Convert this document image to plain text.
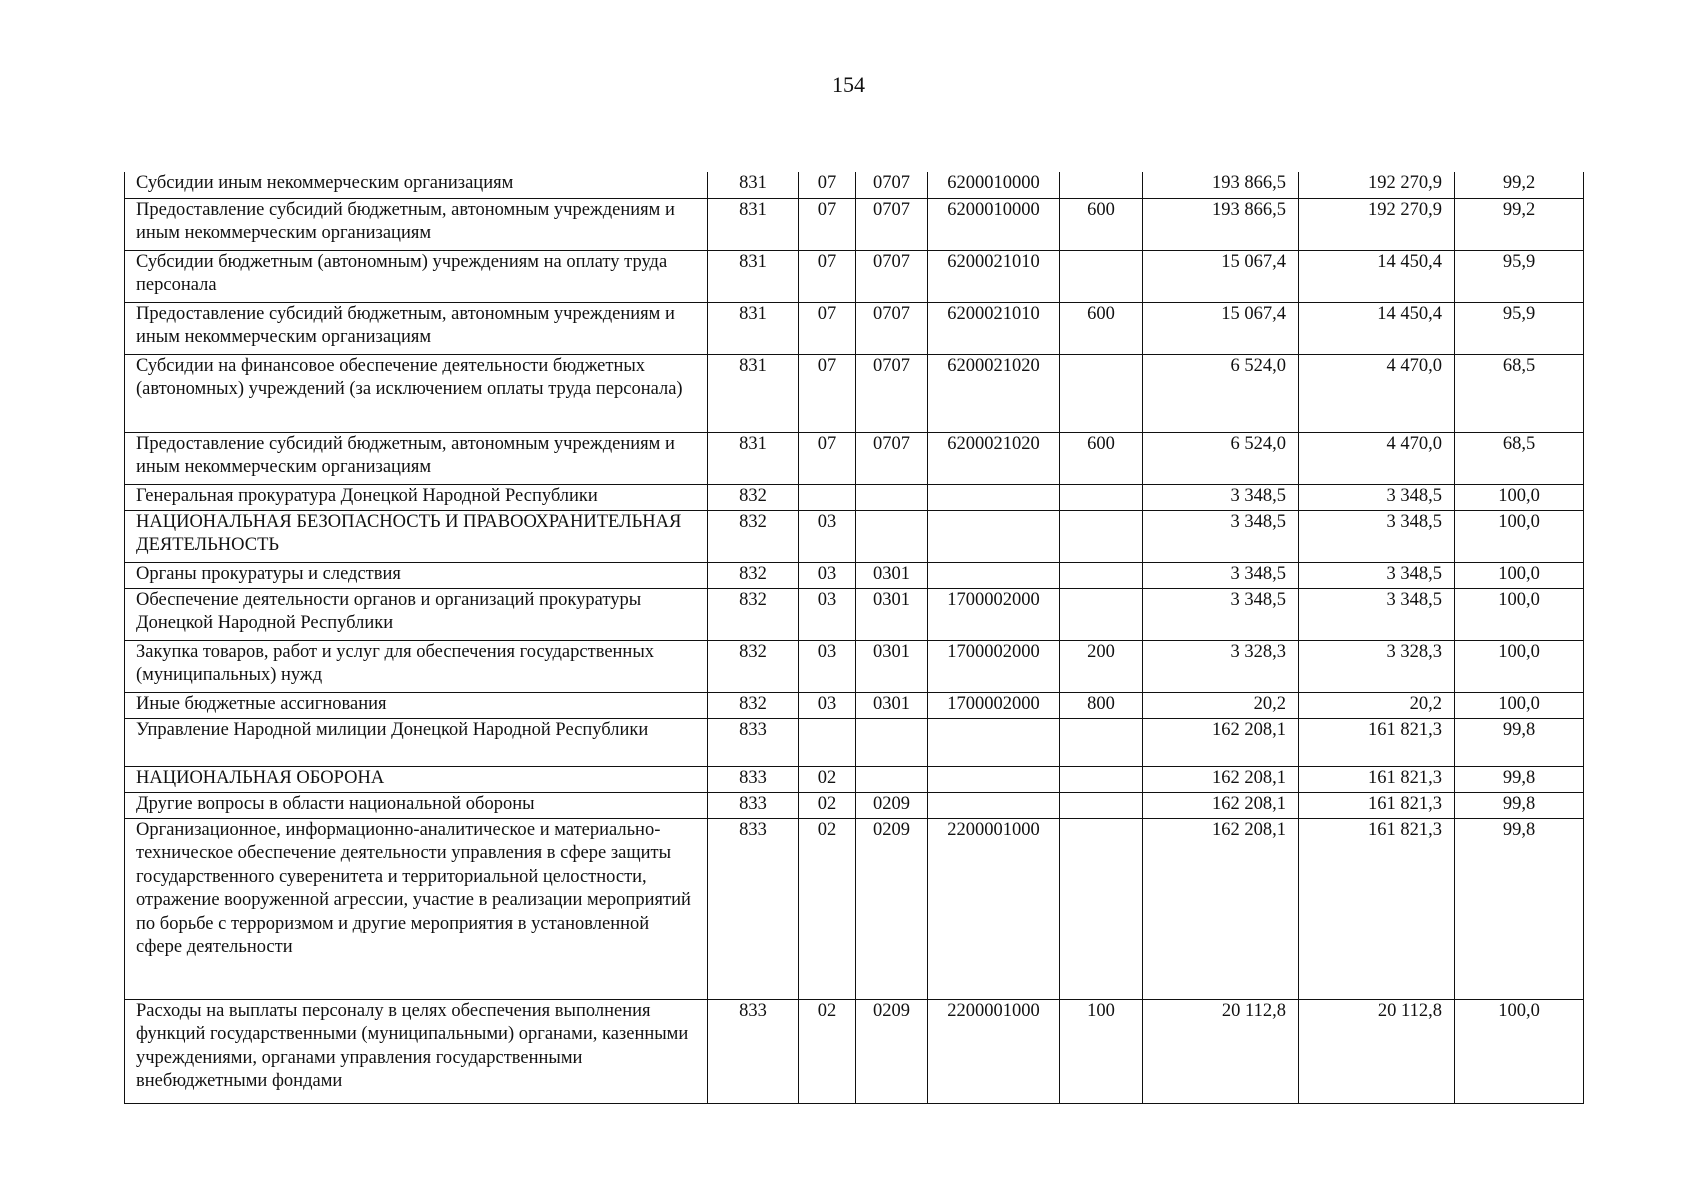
154
Субсидии иным некоммерческим организациям	831	07	0707	6200010000		193 866,5	192 270,9	99,2
Предоставление субсидий бюджетным, автономным учреждениям и иным некоммерческим организациям	831	07	0707	6200010000	600	193 866,5	192 270,9	99,2
Субсидии бюджетным (автономным) учреждениям на оплату труда персонала	831	07	0707	6200021010		15 067,4	14 450,4	95,9
Предоставление субсидий бюджетным, автономным учреждениям и иным некоммерческим организациям	831	07	0707	6200021010	600	15 067,4	14 450,4	95,9
Субсидии на финансовое обеспечение деятельности бюджетных (автономных) учреждений (за исключением оплаты труда персонала)	831	07	0707	6200021020		6 524,0	4 470,0	68,5
Предоставление субсидий бюджетным, автономным учреждениям и иным некоммерческим организациям	831	07	0707	6200021020	600	6 524,0	4 470,0	68,5
Генеральная прокуратура Донецкой Народной Республики	832					3 348,5	3 348,5	100,0
НАЦИОНАЛЬНАЯ БЕЗОПАСНОСТЬ И ПРАВООХРАНИТЕЛЬНАЯ ДЕЯТЕЛЬНОСТЬ	832	03				3 348,5	3 348,5	100,0
Органы прокуратуры и следствия	832	03	0301			3 348,5	3 348,5	100,0
Обеспечение деятельности органов и организаций прокуратуры Донецкой Народной Республики	832	03	0301	1700002000		3 348,5	3 348,5	100,0
Закупка товаров, работ и услуг для обеспечения государственных (муниципальных) нужд	832	03	0301	1700002000	200	3 328,3	3 328,3	100,0
Иные бюджетные ассигнования	832	03	0301	1700002000	800	20,2	20,2	100,0
Управление Народной милиции Донецкой Народной Республики	833					162 208,1	161 821,3	99,8
НАЦИОНАЛЬНАЯ ОБОРОНА	833	02				162 208,1	161 821,3	99,8
Другие вопросы в области национальной обороны	833	02	0209			162 208,1	161 821,3	99,8
Организационное, информационно-аналитическое и материально-техническое обеспечение деятельности управления в сфере защиты государственного суверенитета и территориальной целостности, отражение вооруженной агрессии, участие в реализации мероприятий по борьбе с терроризмом и другие мероприятия в установленной сфере деятельности	833	02	0209	2200001000		162 208,1	161 821,3	99,8
Расходы на выплаты персоналу в целях обеспечения выполнения функций государственными (муниципальными) органами, казенными учреждениями, органами управления государственными внебюджетными фондами	833	02	0209	2200001000	100	20 112,8	20 112,8	100,0
